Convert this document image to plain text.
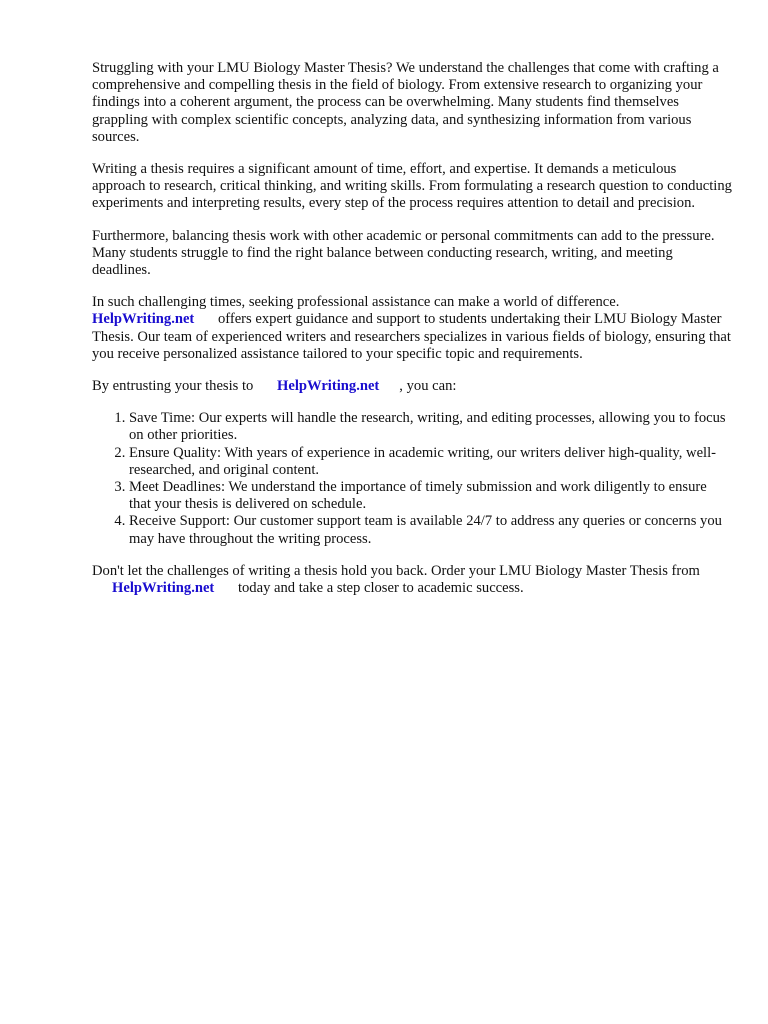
Struggling with your LMU Biology Master Thesis? We understand the challenges that come with crafting a comprehensive and compelling thesis in the field of biology. From extensive research to organizing your findings into a coherent argument, the process can be overwhelming. Many students find themselves grappling with complex scientific concepts, analyzing data, and synthesizing information from various sources.

Writing a thesis requires a significant amount of time, effort, and expertise. It demands a meticulous approach to research, critical thinking, and writing skills. From formulating a research question to conducting experiments and interpreting results, every step of the process requires attention to detail and precision.

Furthermore, balancing thesis work with other academic or personal commitments can add to the pressure. Many students struggle to find the right balance between conducting research, writing, and meeting deadlines.

In such challenging times, seeking professional assistance can make a world of difference.
HelpWriting.net offers expert guidance and support to students undertaking their LMU Biology Master Thesis. Our team of experienced writers and researchers specializes in various fields of biology, ensuring that you receive personalized assistance tailored to your specific topic and requirements.

By entrusting your thesis to HelpWriting.net , you can:

1. Save Time: Our experts will handle the research, writing, and editing processes, allowing you to focus on other priorities.
2. Ensure Quality: With years of experience in academic writing, our writers deliver high-quality, well-researched, and original content.
3. Meet Deadlines: We understand the importance of timely submission and work diligently to ensure that your thesis is delivered on schedule.
4. Receive Support: Our customer support team is available 24/7 to address any queries or concerns you may have throughout the writing process.

Don't let the challenges of writing a thesis hold you back. Order your LMU Biology Master Thesis from HelpWriting.net today and take a step closer to academic success.
